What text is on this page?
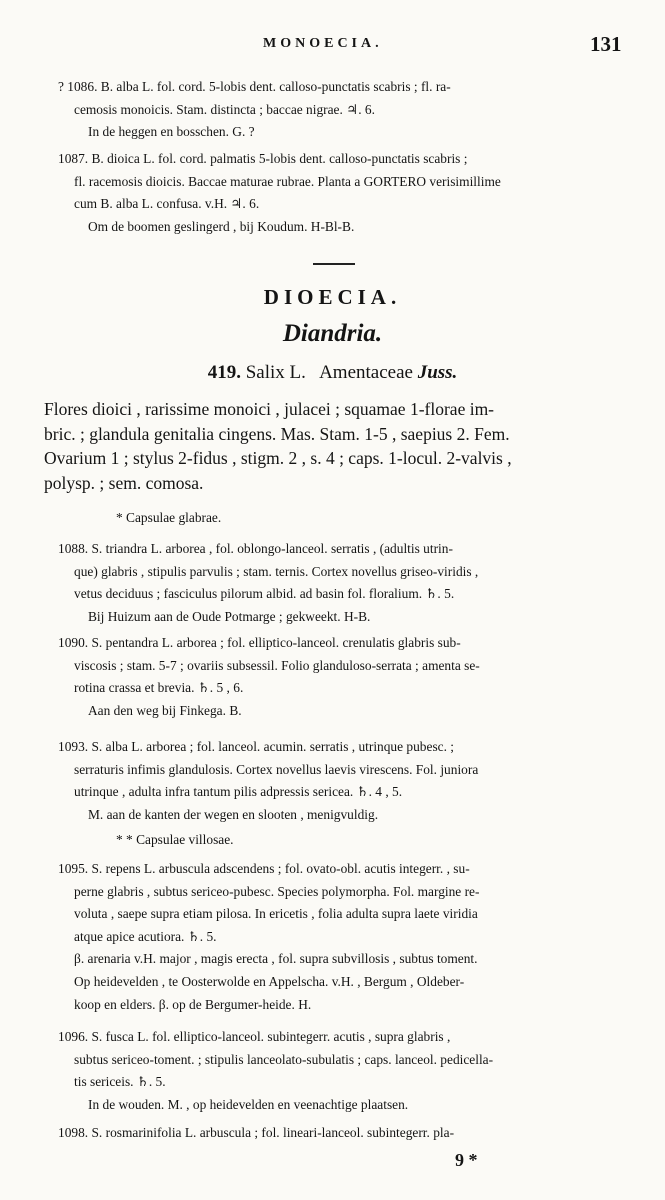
MONOECIA.	131

? 1086. B. alba L. fol. cord. 5-lobis dent. calloso-punctatis scabris ; fl. ra-
cemosis monoicis. Stam. distincta ; baccae nigrae. ♃. 6.

In de heggen en bosschen. G. ?

1087. B. dioica L. fol. cord. palmatis 5-lobis dent. calloso-punctatis scabris ;
fl. racemosis dioicis. Baccae maturae rubrae. Planta a GORTERO verisimillime
cum B. alba L. confusa. v.H. ♃. 6.

Om de boomen geslingerd , bij Koudum. H-Bl-B.

DIOECIA.
Diandria.
419. Salix L. Amentaceae Juss.

Flores dioici , rarissime monoici , julacei ; squamae 1-florae im-

bric. ; glandula genitalia cingens. Mas. Stam. 1-5 , saepius 2. Fem.

Ovarium 1 ; stylus 2-fidus , stigm. 2 , s. 4 ; caps. 1-locul. 2-valvis ,

polysp. ; sem. comosa.

* Capsulae glabrae.

1088. S. triandra L. arborea , fol. oblongo-lanceol. serratis , (adultis utrin-
que) glabris , stipulis parvulis ; stam. ternis. Cortex novellus griseo-viridis ,
vetus deciduus ; fasciculus pilorum albid. ad basin fol. floralium. ♄. 5.

Bij Huizum aan de Oude Potmarge ; gekweekt. H-B.

1090. S. pentandra L. arborea ; fol. elliptico-lanceol. crenulatis glabris sub-
viscosis ; stam. 5-7 ; ovariis subsessil. Folio glanduloso-serrata ; amenta se-
rotina crassa et brevia. ♄. 5 , 6.

Aan den weg bij Finkega. B.

1093. S. alba L. arborea ; fol. lanceol. acumin. serratis , utrinque pubesc. ;
serraturis infimis glandulosis. Cortex novellus laevis virescens. Fol. juniora
utrinque , adulta infra tantum pilis adpressis sericea. ♄. 4 , 5.

M. aan de kanten der wegen en slooten , menigvuldig.

* * Capsulae villosae.

1095. S. repens L. arbuscula adscendens ; fol. ovato-obl. acutis integerr. , su-
perne glabris , subtus sericeo-pubesc. Species polymorpha. Fol. margine re-
voluta , saepe supra etiam pilosa. In ericetis , folia adulta supra laete viridia
atque apice acutiora. ♄. 5.

β. arenaria v.H. major , magis erecta , fol. supra subvillosis , subtus toment.
Op heidevelden , te Oosterwolde en Appelscha. v.H. , Bergum , Oldeber-
koop en elders. β. op de Bergumer-heide. H.

1096. S. fusca L. fol. elliptico-lanceol. subintegerr. acutis , supra glabris ,
subtus sericeo-toment. ; stipulis lanceolato-subulatis ; caps. lanceol. pedicella-
tis sericeis. ♄. 5.

In de wouden. M. , op heidevelden en veenachtige plaatsen.

1098. S. rosmarinifolia L. arbuscula ; fol. lineari-lanceol. subintegerr. pla-

9 *
